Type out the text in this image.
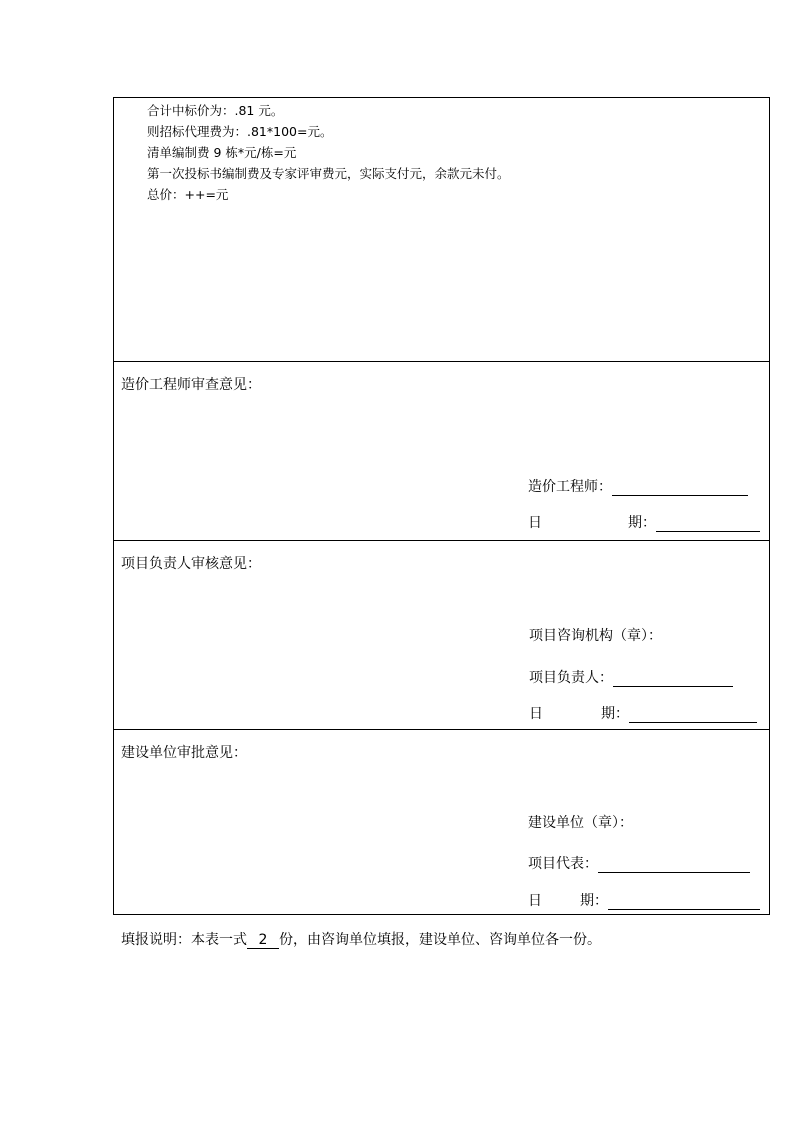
合计中标价为：.81 元。
则招标代理费为：.81*100=元。
清单编制费 9 栋*元/栋=元
第一次投标书编制费及专家评审费元，实际支付元，余款元未付。
总价：++=元
造价工程师审查意见：
造价工程师：
日	期：
项目负责人审核意见：
项目咨询机构（章）：
项目负责人：
日	期：
建设单位审批意见：
建设单位（章）：
项目代表：
日	期：
填报说明：本表一式 2 份，由咨询单位填报，建设单位、咨询单位各一份。
